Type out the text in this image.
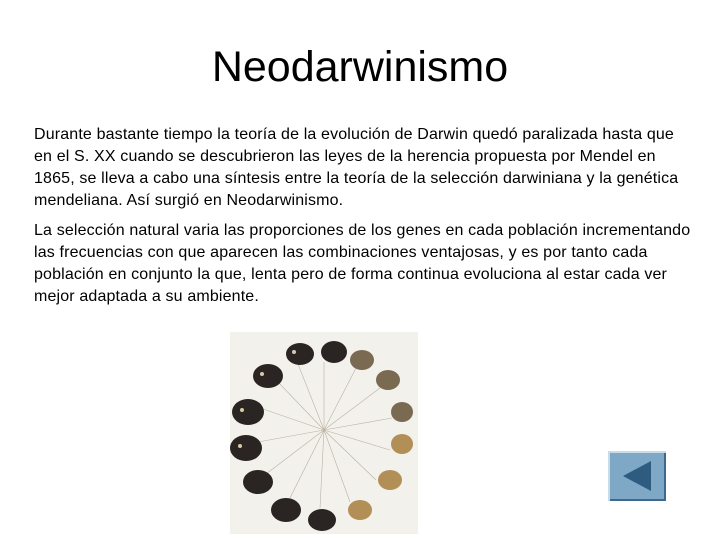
Neodarwinismo

Durante bastante tiempo la teoría de la evolución de Darwin quedó paralizada hasta que en el S. XX cuando se descubrieron las leyes de la herencia propuesta por Mendel en 1865, se lleva a cabo una síntesis entre la teoría de la selección darwiniana y la genética mendeliana. Así surgió en Neodarwinismo.

La selección natural varia las proporciones de los genes en cada población incrementando las frecuencias con que aparecen las combinaciones ventajosas, y es por tanto cada población en conjunto la que, lenta pero de forma continua evoluciona al estar cada ver mejor adaptada a su ambiente.
